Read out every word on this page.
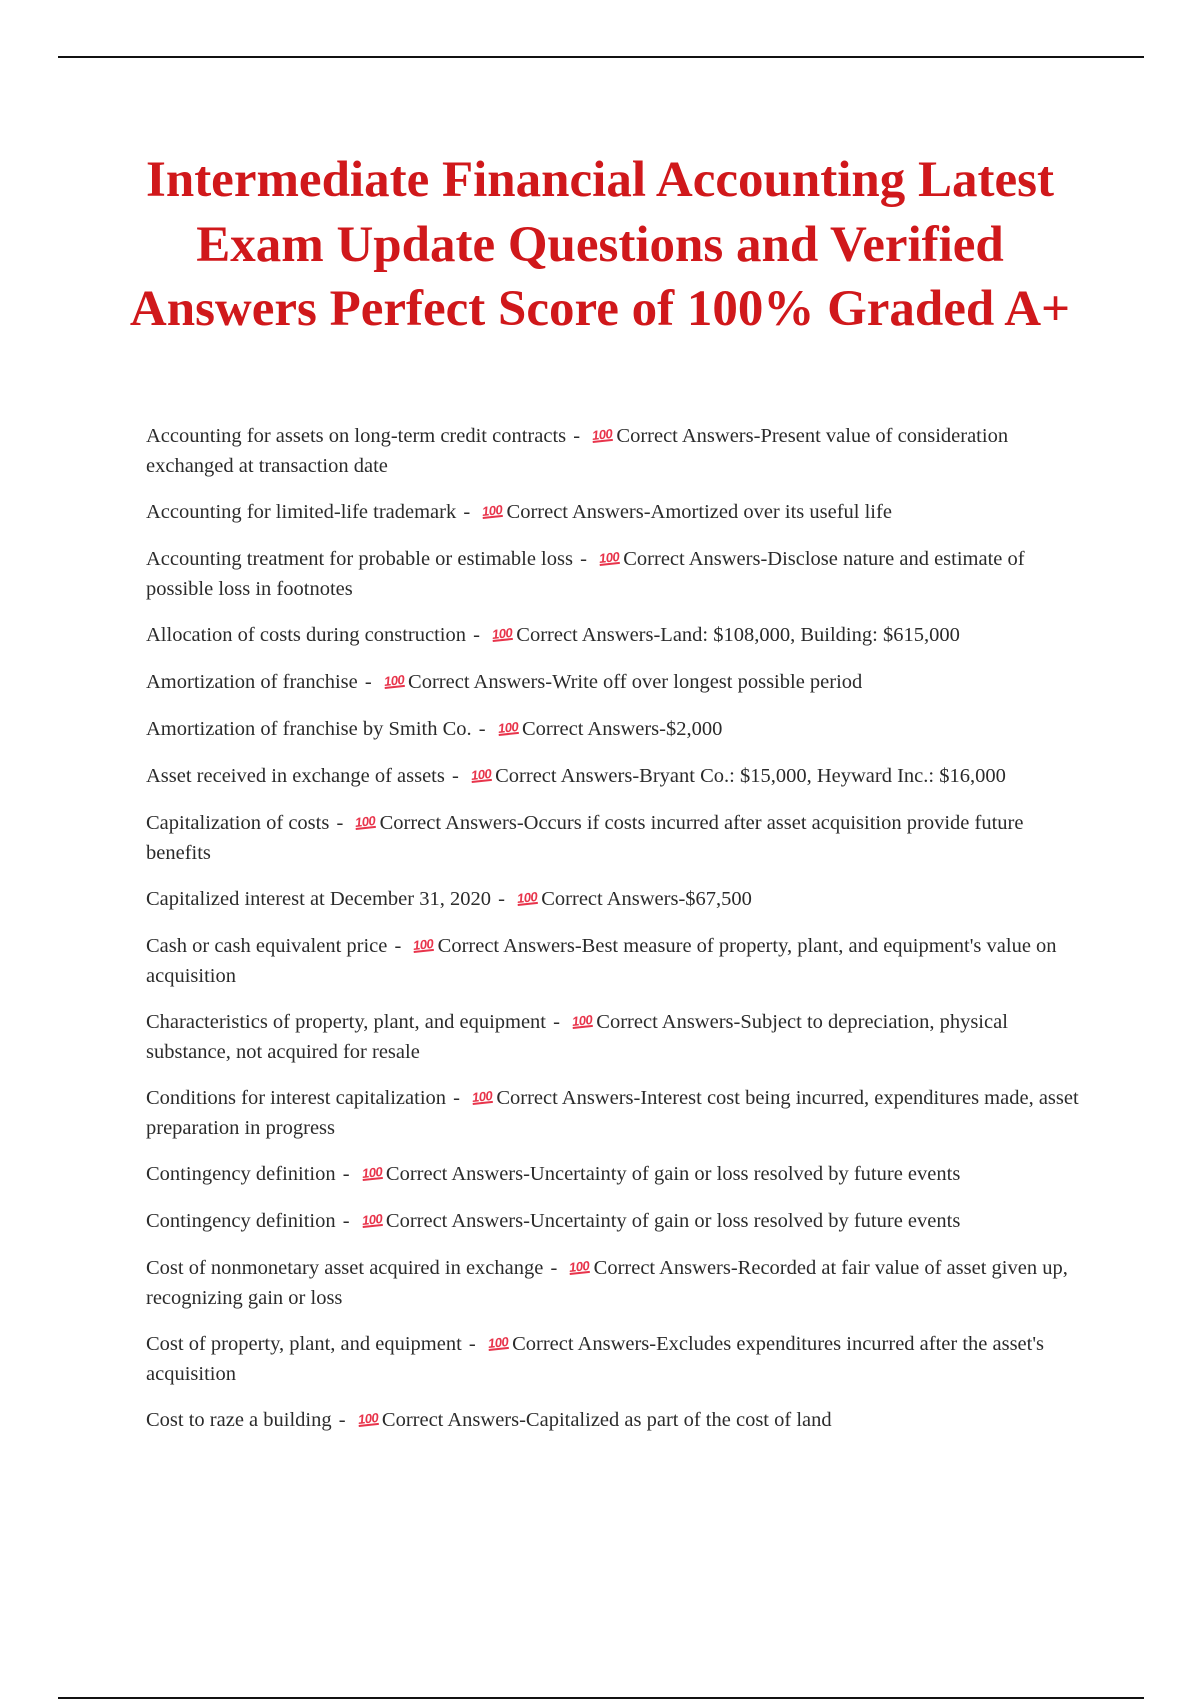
Intermediate Financial Accounting Latest Exam Update Questions and Verified Answers Perfect Score of 100% Graded A+
Accounting for assets on long-term credit contracts - 100 Correct Answers-Present value of consideration exchanged at transaction date
Accounting for limited-life trademark - 100 Correct Answers-Amortized over its useful life
Accounting treatment for probable or estimable loss - 100 Correct Answers-Disclose nature and estimate of possible loss in footnotes
Allocation of costs during construction - 100 Correct Answers-Land: $108,000, Building: $615,000
Amortization of franchise - 100 Correct Answers-Write off over longest possible period
Amortization of franchise by Smith Co. - 100 Correct Answers-$2,000
Asset received in exchange of assets - 100 Correct Answers-Bryant Co.: $15,000, Heyward Inc.: $16,000
Capitalization of costs - 100 Correct Answers-Occurs if costs incurred after asset acquisition provide future benefits
Capitalized interest at December 31, 2020 - 100 Correct Answers-$67,500
Cash or cash equivalent price - 100 Correct Answers-Best measure of property, plant, and equipment's value on acquisition
Characteristics of property, plant, and equipment - 100 Correct Answers-Subject to depreciation, physical substance, not acquired for resale
Conditions for interest capitalization - 100 Correct Answers-Interest cost being incurred, expenditures made, asset preparation in progress
Contingency definition - 100 Correct Answers-Uncertainty of gain or loss resolved by future events
Contingency definition - 100 Correct Answers-Uncertainty of gain or loss resolved by future events
Cost of nonmonetary asset acquired in exchange - 100 Correct Answers-Recorded at fair value of asset given up, recognizing gain or loss
Cost of property, plant, and equipment - 100 Correct Answers-Excludes expenditures incurred after the asset's acquisition
Cost to raze a building - 100 Correct Answers-Capitalized as part of the cost of land
